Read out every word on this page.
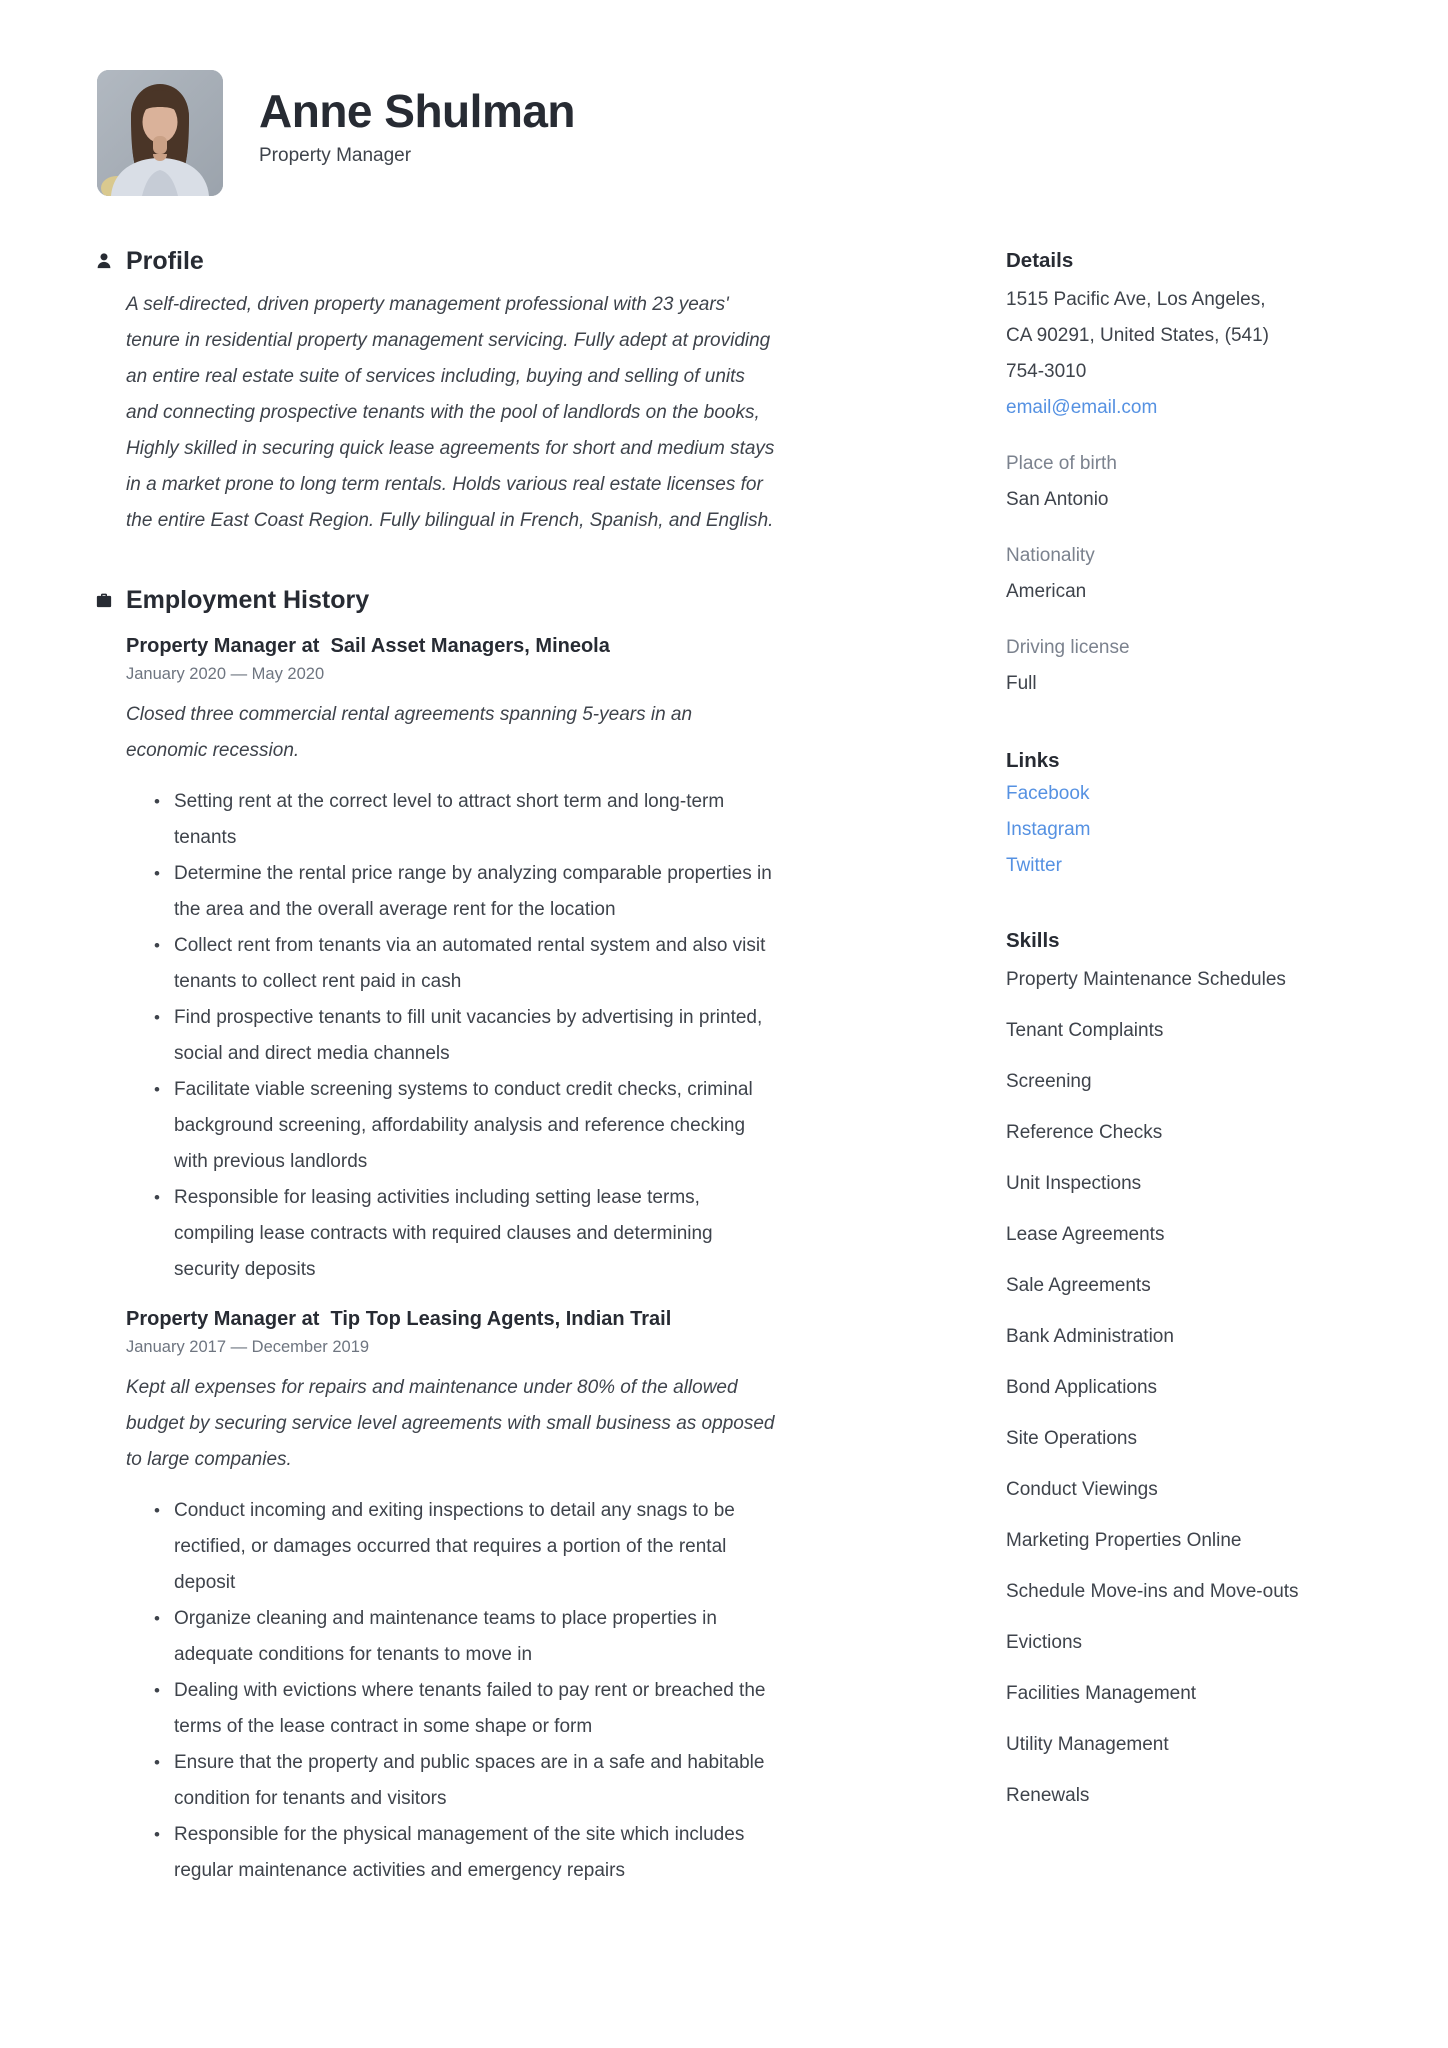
Anne Shulman
Property Manager
Profile

A self-directed, driven property management professional with 23 years' tenure in residential property management servicing. Fully adept at providing an entire real estate suite of services including, buying and selling of units and connecting prospective tenants with the pool of landlords on the books, Highly skilled in securing quick lease agreements for short and medium stays in a market prone to long term rentals. Holds various real estate licenses for the entire East Coast Region. Fully bilingual in French, Spanish, and English.

Employment History
Property Manager at  Sail Asset Managers, Mineola
January 2020 — May 2020

Closed three commercial rental agreements spanning 5-years in an economic recession.

• Setting rent at the correct level to attract short term and long-term tenants
• Determine the rental price range by analyzing comparable properties in the area and the overall average rent for the location
• Collect rent from tenants via an automated rental system and also visit tenants to collect rent paid in cash
• Find prospective tenants to fill unit vacancies by advertising in printed, social and direct media channels
• Facilitate viable screening systems to conduct credit checks, criminal background screening, affordability analysis and reference checking with previous landlords
• Responsible for leasing activities including setting lease terms, compiling lease contracts with required clauses and determining security deposits
Property Manager at  Tip Top Leasing Agents, Indian Trail
January 2017 — December 2019

Kept all expenses for repairs and maintenance under 80% of the allowed budget by securing service level agreements with small business as opposed to large companies.

• Conduct incoming and exiting inspections to detail any snags to be rectified, or damages occurred that requires a portion of the rental deposit
• Organize cleaning and maintenance teams to place properties in adequate conditions for tenants to move in
• Dealing with evictions where tenants failed to pay rent or breached the terms of the lease contract in some shape or form
• Ensure that the property and public spaces are in a safe and habitable condition for tenants and visitors
• Responsible for the physical management of the site which includes regular maintenance activities and emergency repairs
Details
1515 Pacific Ave, Los Angeles,
CA 90291, United States, (541)
754-3010
email@email.com
Place of birth
San Antonio
Nationality
American
Driving license
Full
Links
Facebook
Instagram
Twitter
Skills
Property Maintenance Schedules
Tenant Complaints
Screening
Reference Checks
Unit Inspections
Lease Agreements
Sale Agreements
Bank Administration
Bond Applications
Site Operations
Conduct Viewings
Marketing Properties Online
Schedule Move-ins and Move-outs
Evictions
Facilities Management
Utility Management
Renewals
